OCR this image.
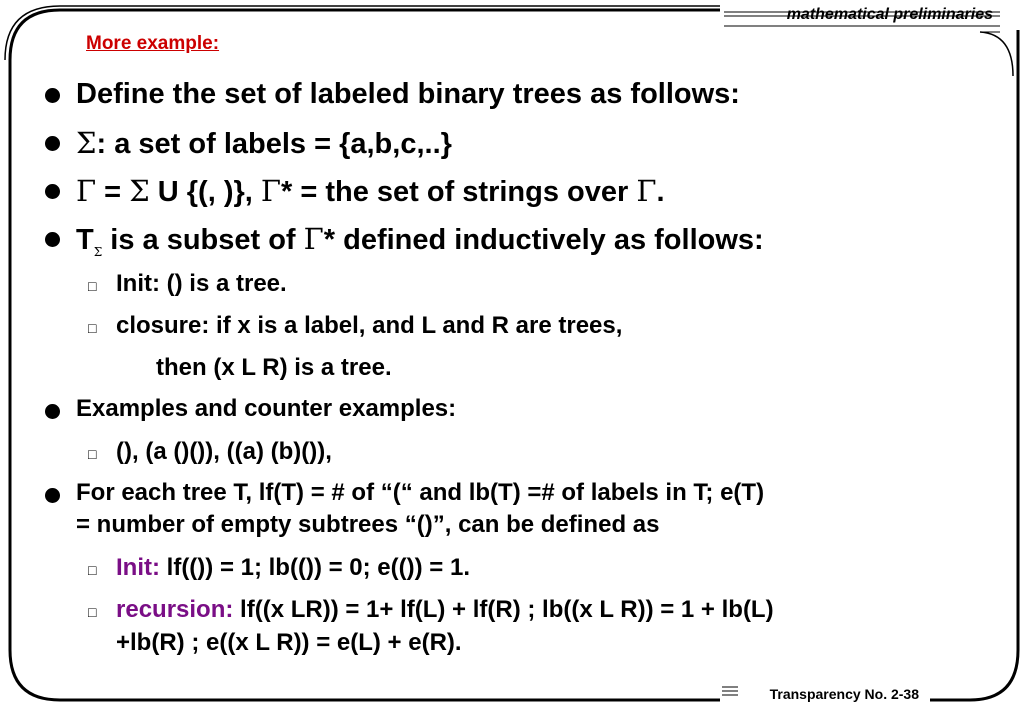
mathematical preliminaries
Transparency No. 2-38
More example:
Define the set of labeled binary trees as follows:
Σ: a set of labels = {a,b,c,..}
Γ = Σ U {(, )}, Γ* = the set of strings over Γ.
$T_\Sigma$ is a subset of Γ* defined inductively as follows:
□ Init: () is a tree.
□ closure: if x is a label, and L and R are trees,
then (x L R) is a tree.
Examples and counter examples:
□ (), (a ()()), ((a) (b)()),
For each tree T, lf(T) = # of “(“ and lb(T) =# of labels in T; e(T)
= number of empty subtrees “()”, can be defined as
□ Init: lf(()) = 1; lb(()) = 0; e(()) = 1.
□ recursion: lf((x LR)) = 1+ lf(L) + lf(R) ; lb((x L R)) = 1 + lb(L)
+lb(R) ; e((x L R)) = e(L) + e(R).
